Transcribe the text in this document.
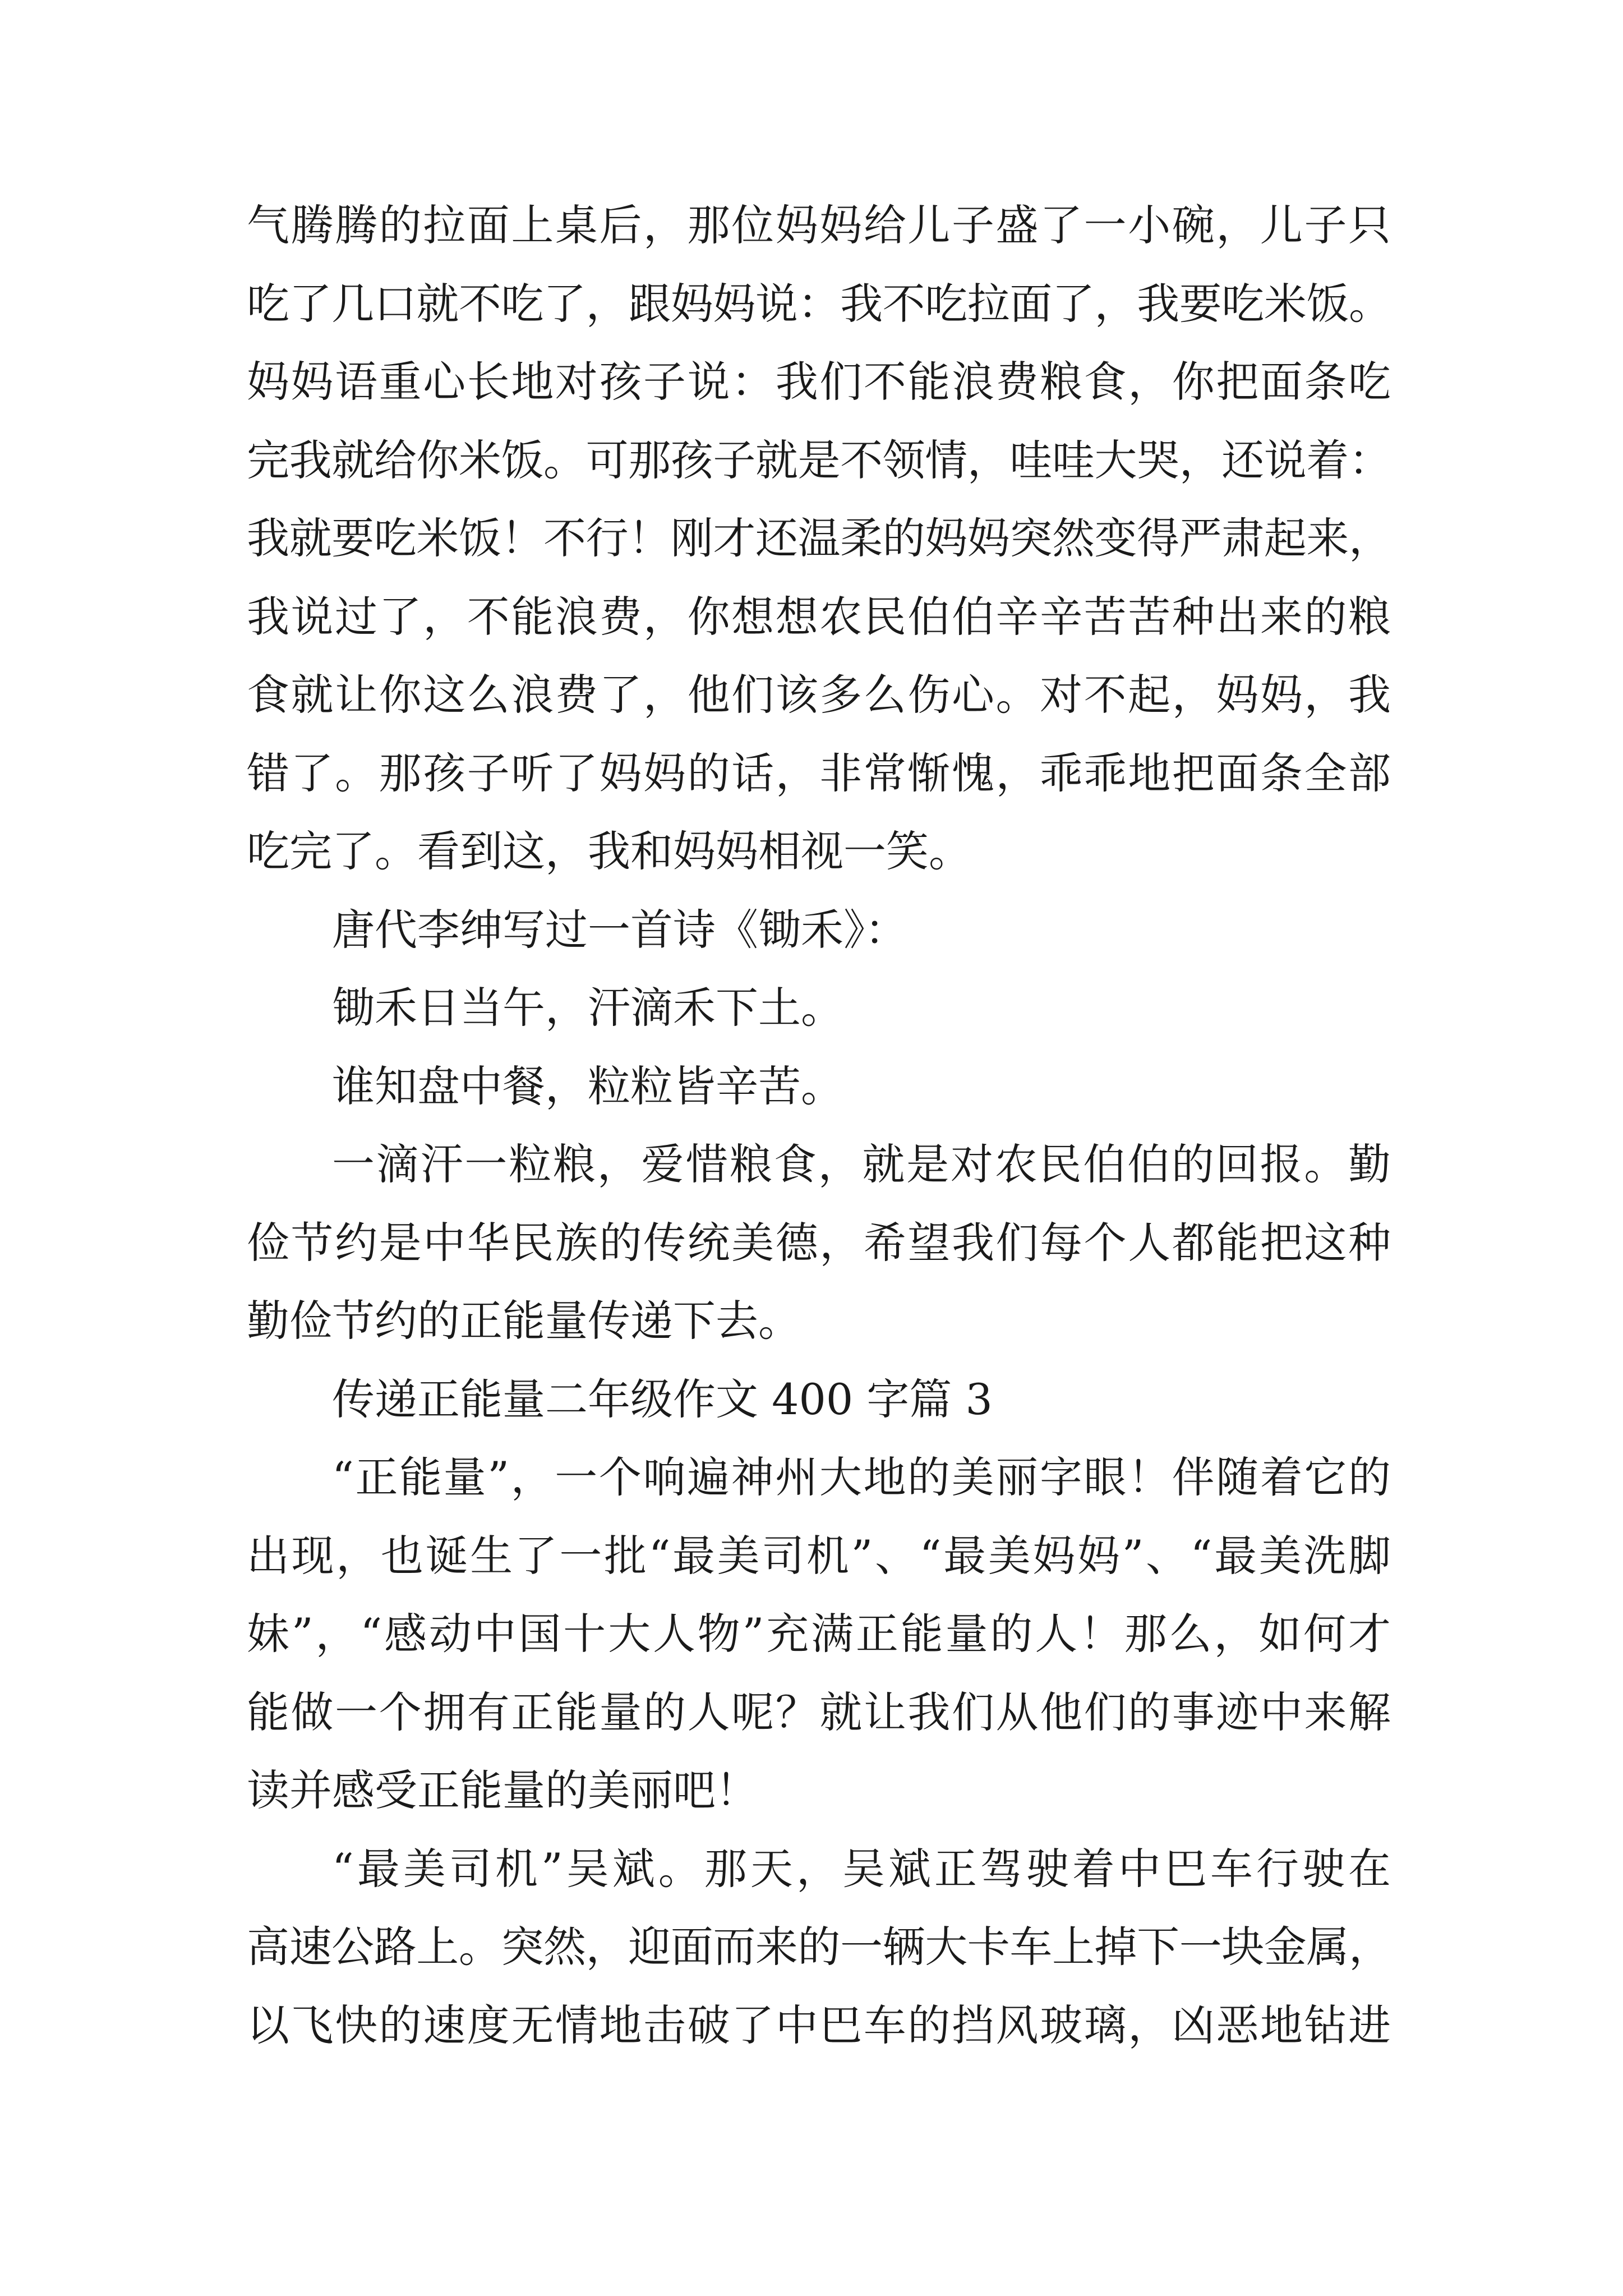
气腾腾的拉面上桌后，那位妈妈给儿子盛了一小碗，儿子只
吃了几口就不吃了，跟妈妈说：我不吃拉面了，我要吃米饭。
妈妈语重心长地对孩子说：我们不能浪费粮食，你把面条吃
完我就给你米饭。可那孩子就是不领情，哇哇大哭，还说着：
我就要吃米饭！不行！刚才还温柔的妈妈突然变得严肃起来，
我说过了，不能浪费，你想想农民伯伯辛辛苦苦种出来的粮
食就让你这么浪费了，他们该多么伤心。对不起，妈妈，我
错了。那孩子听了妈妈的话，非常惭愧，乖乖地把面条全部
吃完了。看到这，我和妈妈相视一笑。
唐代李绅写过一首诗《锄禾》：
锄禾日当午，汗滴禾下土。
谁知盘中餐，粒粒皆辛苦。
一滴汗一粒粮，爱惜粮食，就是对农民伯伯的回报。勤
俭节约是中华民族的传统美德，希望我们每个人都能把这种
勤俭节约的正能量传递下去。
传递正能量二年级作文 400 字篇 3
“正能量”，一个响遍神州大地的美丽字眼！伴随着它的
出现，也诞生了一批“最美司机”、“最美妈妈”、“最美洗脚
妹”，“感动中国十大人物”充满正能量的人！那么，如何才
能做一个拥有正能量的人呢？就让我们从他们的事迹中来解
读并感受正能量的美丽吧！
“最美司机”吴斌。那天，吴斌正驾驶着中巴车行驶在
高速公路上。突然，迎面而来的一辆大卡车上掉下一块金属，
以飞快的速度无情地击破了中巴车的挡风玻璃，凶恶地钻进
